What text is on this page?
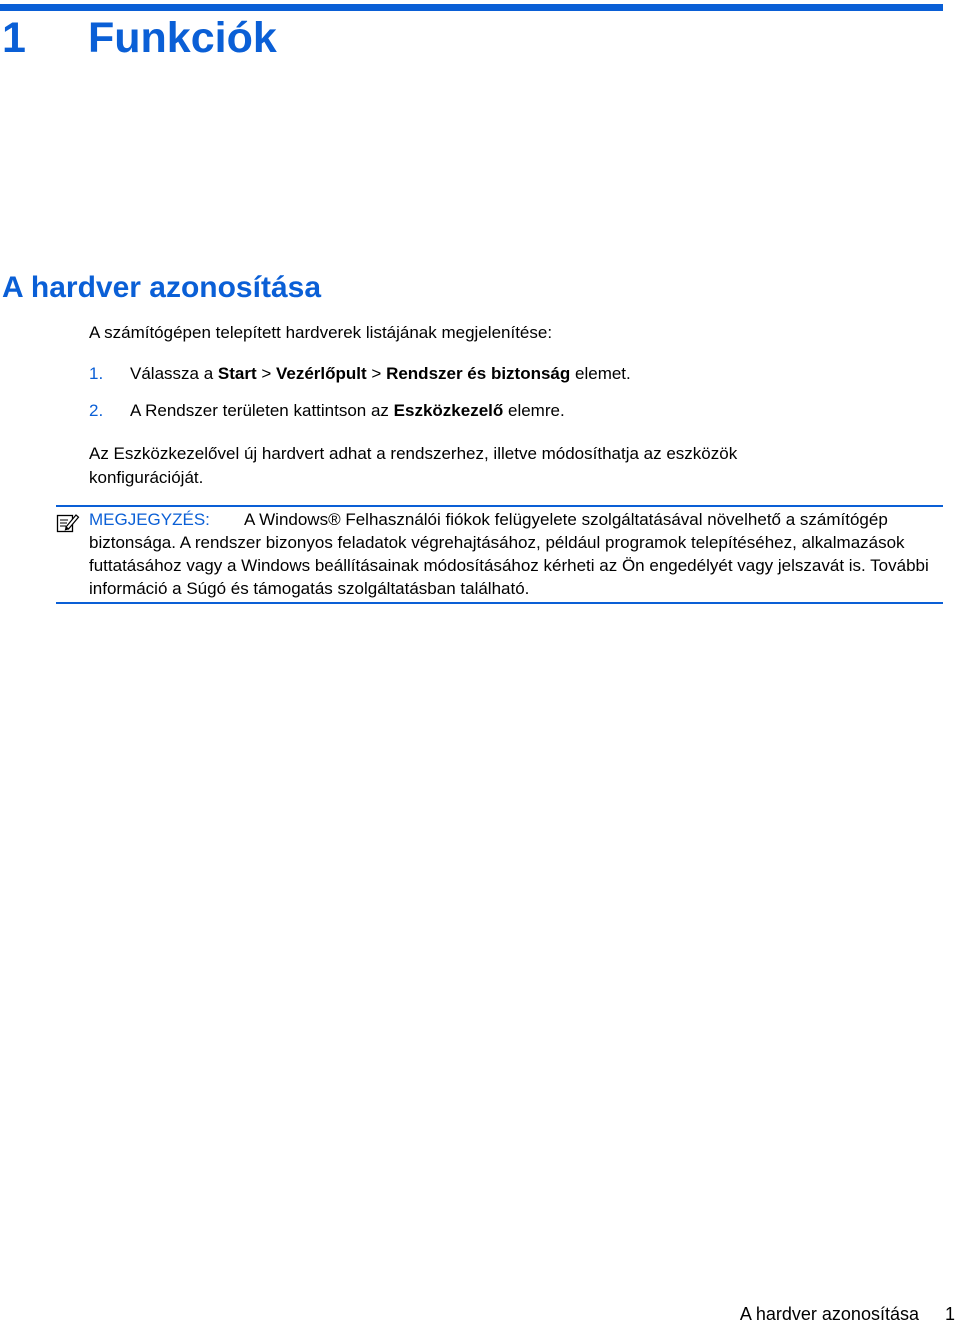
1 Funkciók
A hardver azonosítása

A számítógépen telepített hardverek listájának megjelenítése:

1.	Válassza a Start > Vezérlőpult > Rendszer és biztonság elemet.
2.	A Rendszer területen kattintson az Eszközkezelő elemre.

Az Eszközkezelővel új hardvert adhat a rendszerhez, illetve módosíthatja az eszközök konfigurációját.

MEGJEGYZÉS: A Windows® Felhasználói fiókok felügyelete szolgáltatásával növelhető a számítógép biztonsága. A rendszer bizonyos feladatok végrehajtásához, például programok telepítéséhez, alkalmazások futtatásához vagy a Windows beállításainak módosításához kérheti az Ön engedélyét vagy jelszavát is. További információ a Súgó és támogatás szolgáltatásban található.

A hardver azonosítása 1
